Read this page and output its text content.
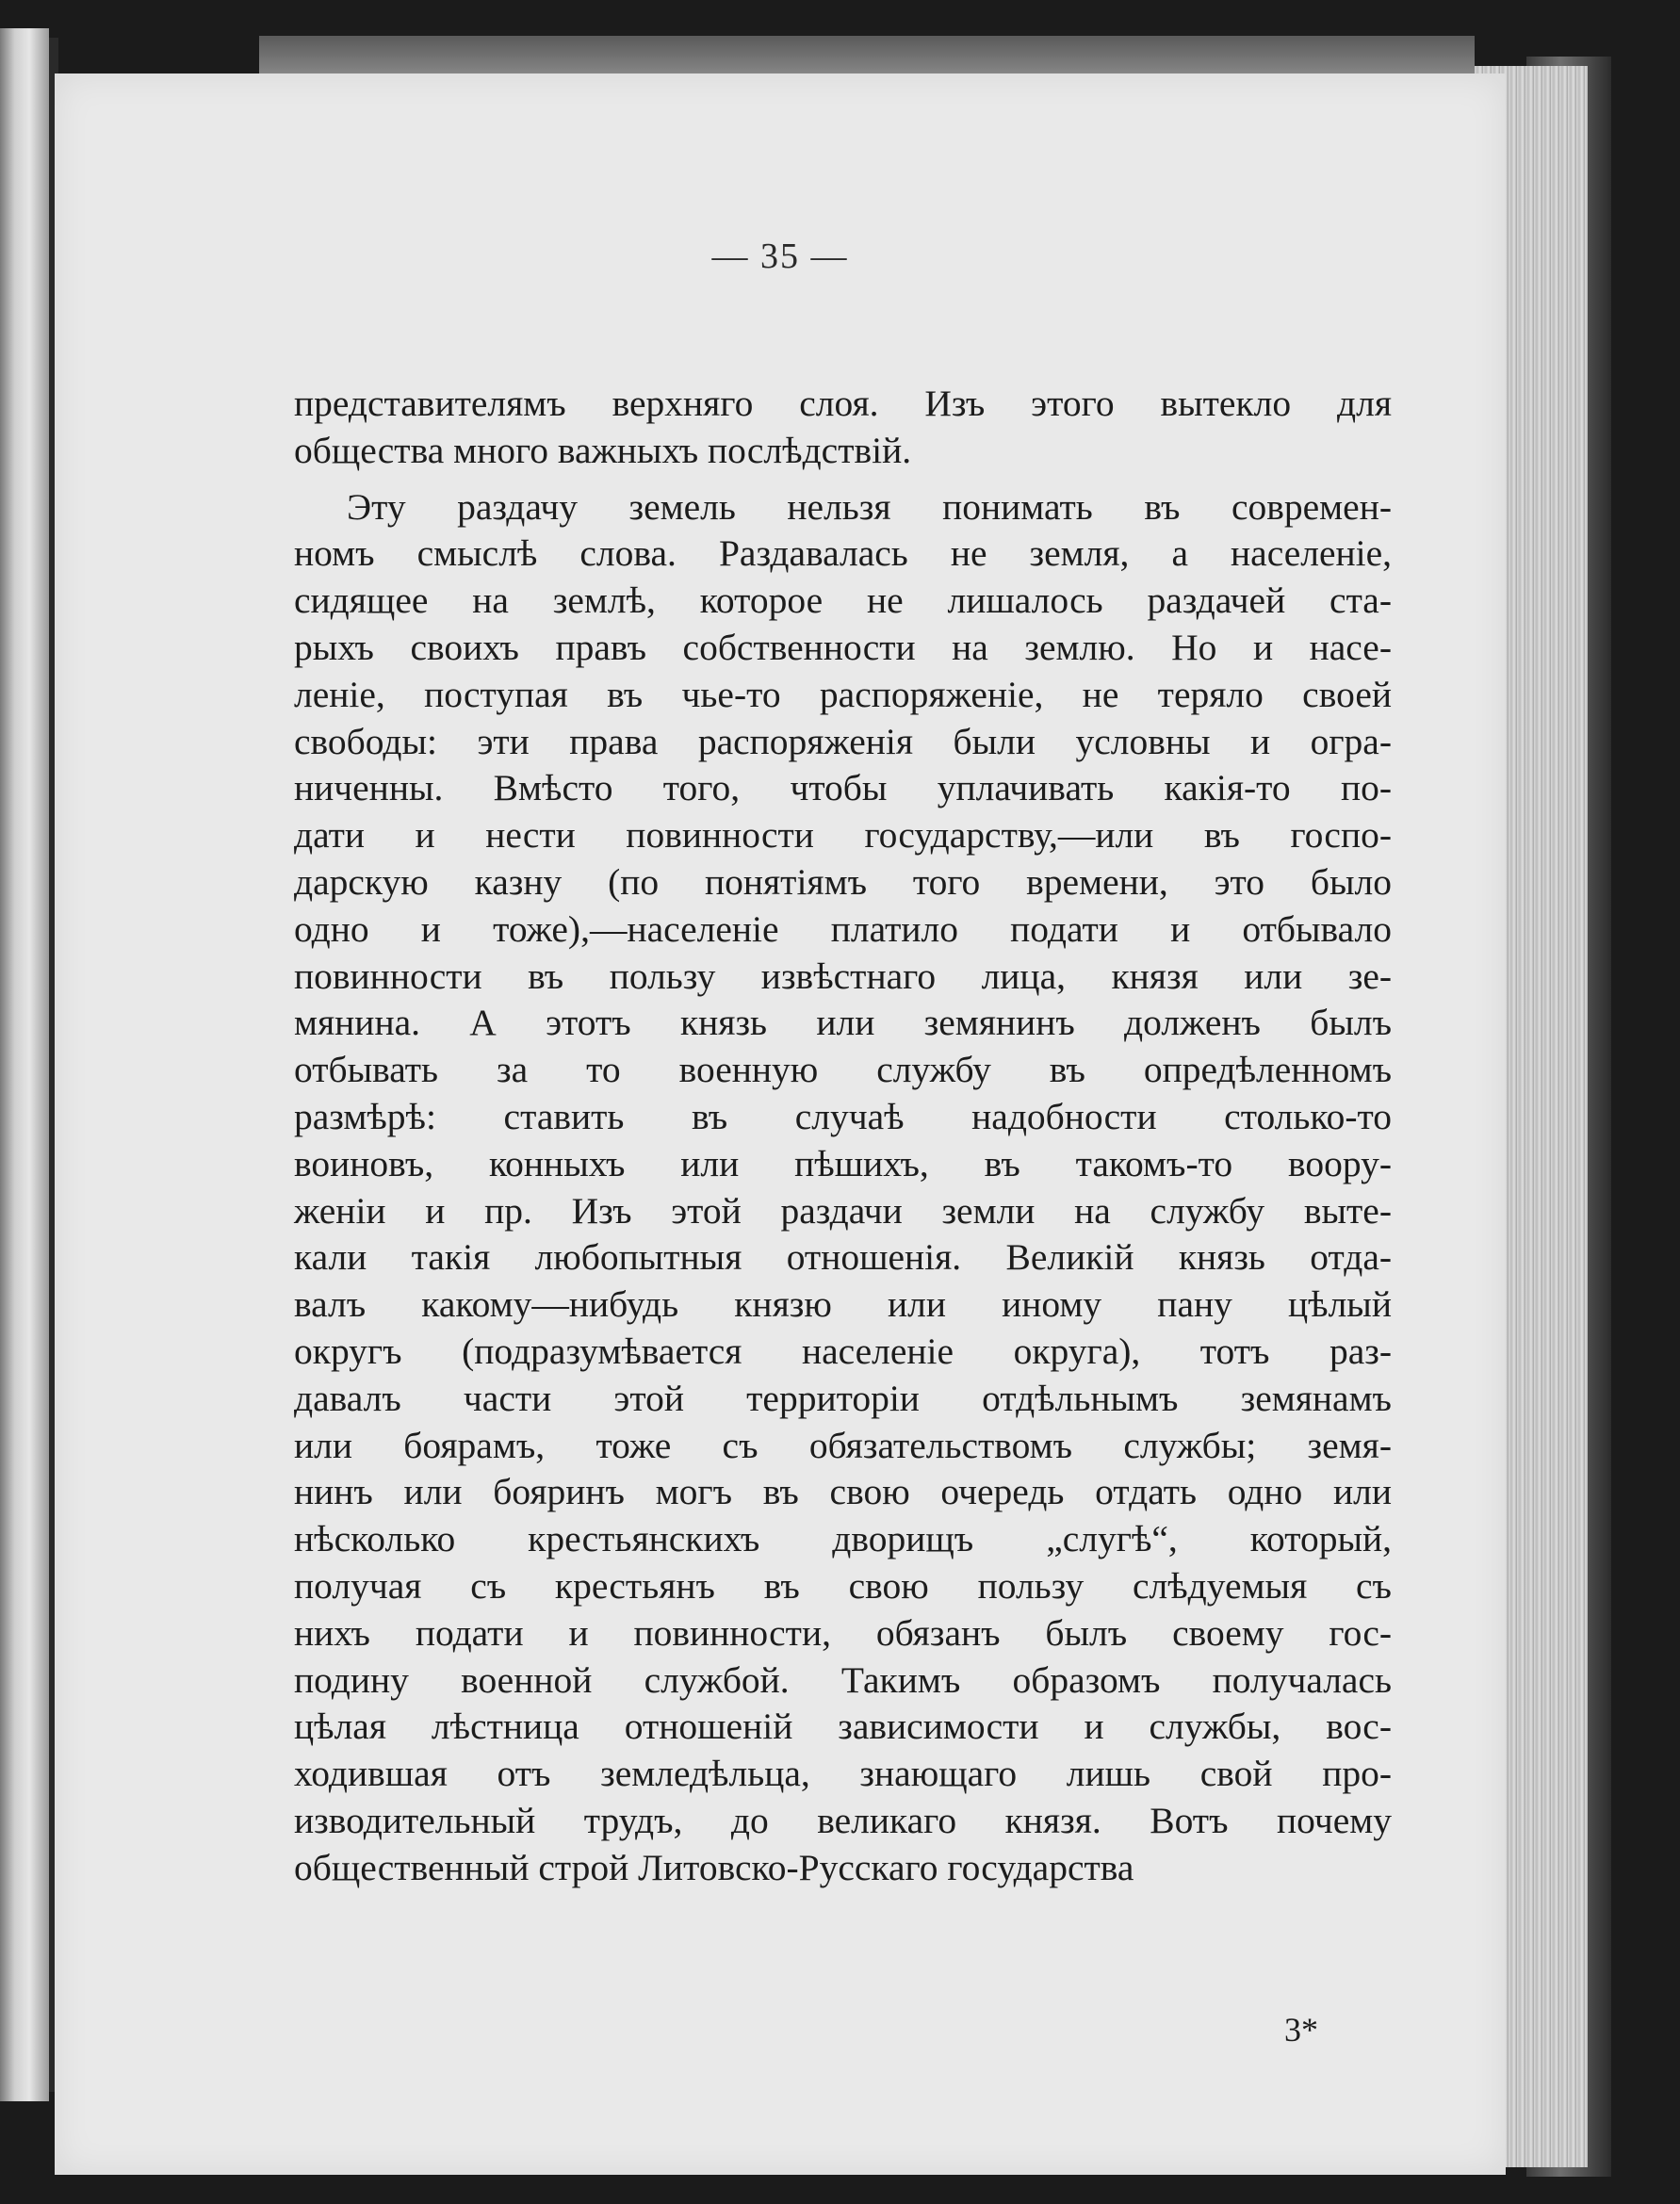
— 35 —

представителямъ верхняго слоя. Изъ этого вытекло для
общества много важныхъ послѣдствій.
Эту раздачу земель нельзя понимать въ современ-
номъ смыслѣ слова. Раздавалась не земля, а населеніе,
сидящее на землѣ, которое не лишалось раздачей ста-
рыхъ своихъ правъ собственности на землю. Но и насе-
леніе, поступая въ чье-то распоряженіе, не теряло своей
свободы: эти права распоряженія были условны и огра-
ниченны. Вмѣсто того, чтобы уплачивать какія-то по-
дати и нести повинности государству,—или въ госпо-
дарскую казну (по понятіямъ того времени, это было
одно и тоже),—населеніе платило подати и отбывало
повинности въ пользу извѣстнаго лица, князя или зе-
мянина. А этотъ князь или земянинъ долженъ былъ
отбывать за то военную службу въ опредѣленномъ
размѣрѣ: ставить въ случаѣ надобности столько-то
воиновъ, конныхъ или пѣшихъ, въ такомъ-то воору-
женіи и пр. Изъ этой раздачи земли на службу выте-
кали такія любопытныя отношенія. Великій князь отда-
валъ какому—нибудь князю или иному пану цѣлый
округъ (подразумѣвается населеніе округа), тотъ раз-
давалъ части этой территоріи отдѣльнымъ земянамъ
или боярамъ, тоже съ обязательствомъ службы; земя-
нинъ или бояринъ могъ въ свою очередь отдать одно или
нѣсколько крестьянскихъ дворищъ „слугѣ“, который,
получая съ крестьянъ въ свою пользу слѣдуемыя съ
нихъ подати и повинности, обязанъ былъ своему гос-
подину военной службой. Такимъ образомъ получалась
цѣлая лѣстница отношеній зависимости и службы, вос-
ходившая отъ земледѣльца, знающаго лишь свой про-
изводительный трудъ, до великаго князя. Вотъ почему
общественный строй Литовско-Русскаго государства

3*
